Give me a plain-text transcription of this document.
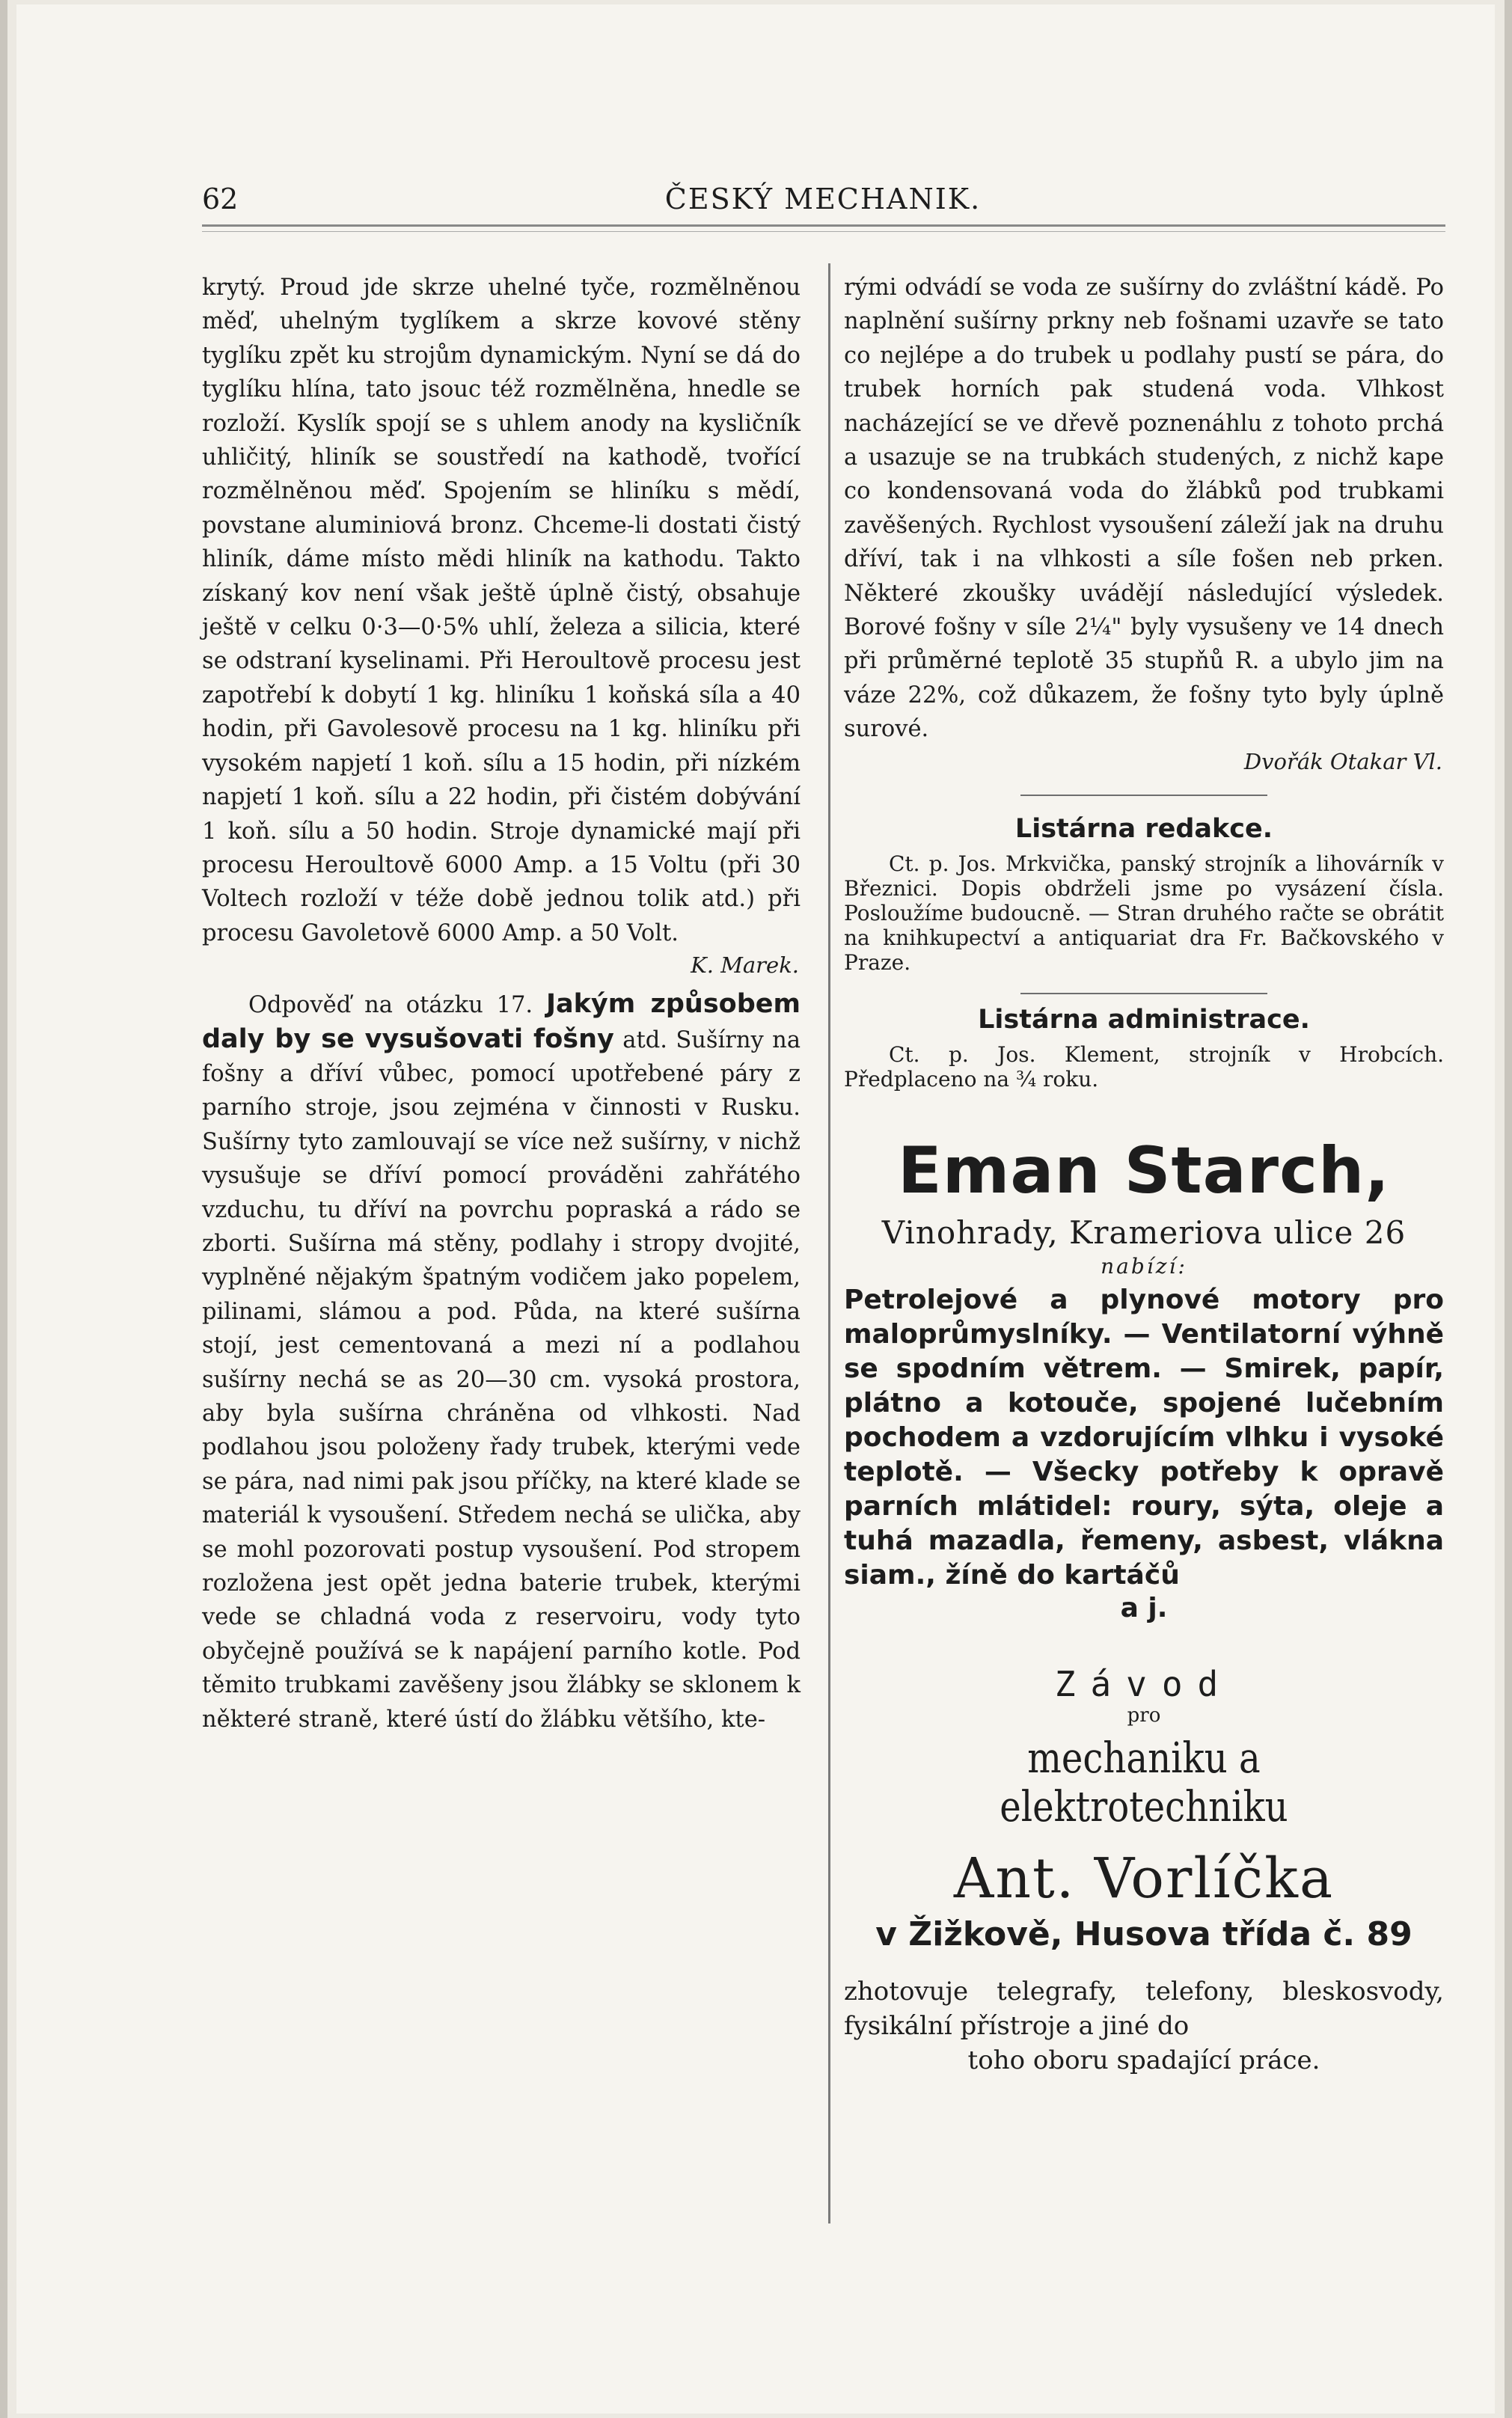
62	ČESKÝ MECHANIK.

krytý. Proud jde skrze uhelné tyče, rozmělněnou měď, uhelným tyglíkem a skrze kovové stěny tyglíku zpět ku strojům dynamickým. Nyní se dá do tyglíku hlína, tato jsouc též rozmělněna, hnedle se rozloží. Kyslík spojí se s uhlem anody na kysličník uhličitý, hliník se soustředí na kathodě, tvořící rozmělněnou měď. Spojením se hliníku s mědí, povstane aluminiová bronz. Chceme-li dostati čistý hliník, dáme místo mědi hliník na kathodu. Takto získaný kov není však ještě úplně čistý, obsahuje ještě v celku 0·3—0·5% uhlí, železa a silicia, které se odstraní kyselinami. Při Heroultově procesu jest zapotřebí k dobytí 1 kg. hliníku 1 koňská síla a 40 hodin, při Gavolesově procesu na 1 kg. hliníku při vysokém napjetí 1 koň. sílu a 15 hodin, při nízkém napjetí 1 koň. sílu a 22 hodin, při čistém dobývání 1 koň. sílu a 50 hodin. Stroje dynamické mají při procesu Heroultově 6000 Amp. a 15 Voltu (při 30 Voltech rozloží v téže době jednou tolik atd.) při procesu Gavoletově 6000 Amp. a 50 Volt.

K. Marek.

Odpověď na otázku 17. Jakým způsobem daly by se vysušovati fošny atd. Sušírny na fošny a dříví vůbec, pomocí upotřebené páry z parního stroje, jsou zejména v činnosti v Rusku. Sušírny tyto zamlouvají se více než sušírny, v nichž vysušuje se dříví pomocí prováděni zahřátého vzduchu, tu dříví na povrchu popraská a rádo se zborti. Sušírna má stěny, podlahy i stropy dvojité, vyplněné nějakým špatným vodičem jako popelem, pilinami, slámou a pod. Půda, na které sušírna stojí, jest cementovaná a mezi ní a podlahou sušírny nechá se as 20—30 cm. vysoká prostora, aby byla sušírna chráněna od vlhkosti. Nad podlahou jsou položeny řady trubek, kterými vede se pára, nad nimi pak jsou příčky, na které klade se materiál k vysoušení. Středem nechá se ulička, aby se mohl pozorovati postup vysoušení. Pod stropem rozložena jest opět jedna baterie trubek, kterými vede se chladná voda z reservoiru, vody tyto obyčejně používá se k napájení parního kotle. Pod těmito trubkami zavěšeny jsou žlábky se sklonem k některé straně, které ústí do žlábku většího, kte-

rými odvádí se voda ze sušírny do zvláštní kádě. Po naplnění sušírny prkny neb fošnami uzavře se tato co nejlépe a do trubek u podlahy pustí se pára, do trubek horních pak studená voda. Vlhkost nacházející se ve dřevě poznenáhlu z tohoto prchá a usazuje se na trubkách studených, z nichž kape co kondensovaná voda do žlábků pod trubkami zavěšených. Rychlost vysoušení záleží jak na druhu dříví, tak i na vlhkosti a síle fošen neb prken. Některé zkoušky uvádějí následující výsledek. Borové fošny v síle 2¼" byly vysušeny ve 14 dnech při průměrné teplotě 35 stupňů R. a ubylo jim na váze 22%, což důkazem, že fošny tyto byly úplně surové.

Dvořák Otakar Vl.

Listárna redakce.

Ct. p. Jos. Mrkvička, panský strojník a lihovárník v Březnici. Dopis obdrželi jsme po vysázení čísla. Posloužíme budoucně. — Stran druhého račte se obrátit na knihkupectví a antiquariat dra Fr. Bačkovského v Praze.

Listárna administrace.

Ct. p. Jos. Klement, strojník v Hrobcích. Předplaceno na ¾ roku.

Eman Starch,
Vinohrady, Krameriova ulice 26
nabízí:

Petrolejové a plynové motory pro maloprůmyslníky. — Ventilatorní výhně se spodním větrem. — Smirek, papír, plátno a kotouče, spojené lučebním pochodem a vzdorujícím vlhku i vysoké teplotě. — Všecky potřeby k opravě parních mlátidel: roury, sýta, oleje a tuhá mazadla, řemeny, asbest, vlákna siam., žíně do kartáčů

a j.

Závod
pro
mechaniku a elektrotechniku
Ant. Vorlíčka
v Žižkově, Husova třída č. 89

zhotovuje telegrafy, telefony, bleskosvody, fysikální přístroje a jiné do

toho oboru spadající práce.
